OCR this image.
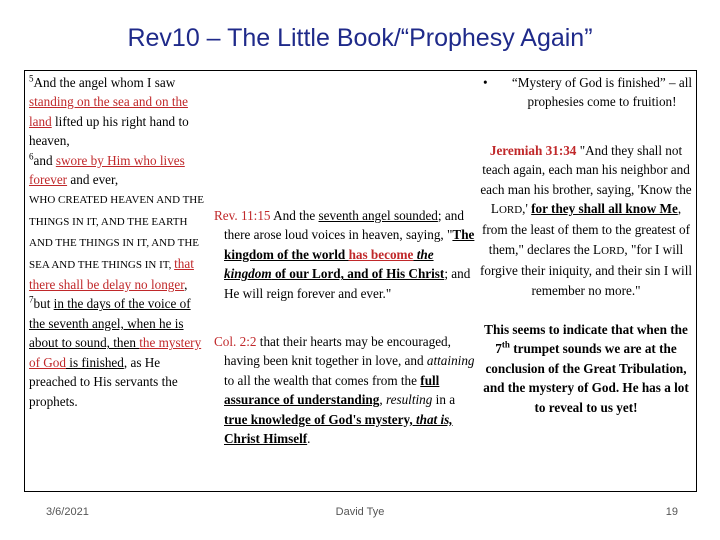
Rev10 – The Little Book/“Prophesy Again”
$^5$And the angel whom I saw standing on the sea and on the land lifted up his right hand to heaven,
$^6$and swore by Him who lives forever and ever,
WHO CREATED HEAVEN AND THE THINGS IN IT, AND THE EARTH AND THE THINGS IN IT, AND THE SEA AND THE THINGS IN IT, that there shall be delay no longer,
$^7$but in the days of the voice of the seventh angel, when he is about to sound, then the mystery of God is finished, as He preached to His servants the prophets.
Rev. 11:15 And the seventh angel sounded; and there arose loud voices in heaven, saying, "The kingdom of the world has become the kingdom of our Lord, and of His Christ; and He will reign forever and ever."
Col. 2:2 that their hearts may be encouraged, having been knit together in love, and attaining to all the wealth that comes from the full assurance of understanding, resulting in a true knowledge of God's mystery, that is, Christ Himself.
• “Mystery of God is finished” – all prophesies come to fruition!
Jeremiah 31:34 "And they shall not teach again, each man his neighbor and each man his brother, saying, 'Know the LORD,' for they shall all know Me, from the least of them to the greatest of them," declares the LORD, "for I will forgive their iniquity, and their sin I will remember no more."
This seems to indicate that when the 7th trumpet sounds we are at the conclusion of the Great Tribulation, and the mystery of God. He has a lot to reveal to us yet!
3/6/2021	David Tye	19
